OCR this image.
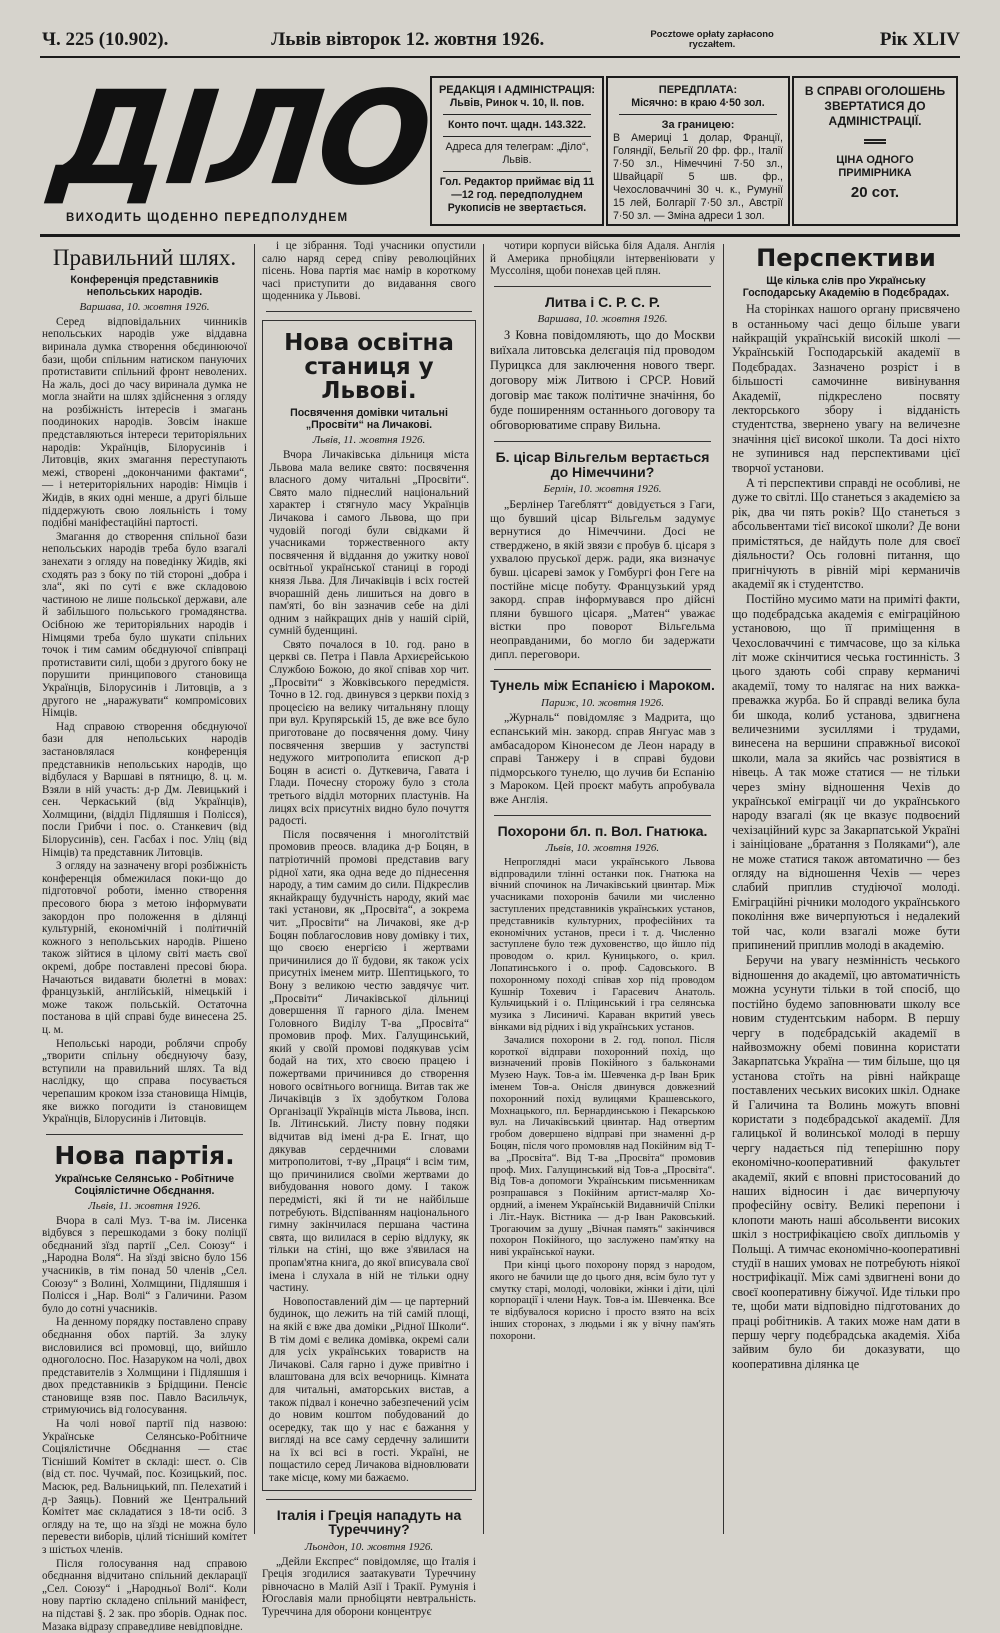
Ч. 225 (10.902).	Львів вівторок 12. жовтня 1926.	Pocztowe opłaty zapłacono ryczałtem.	Рік XLIV
ДІЛО
ВИХОДИТЬ ЩОДЕННО ПЕРЕДПОЛУДНЕМ
РЕДАКЦІЯ І АДМІНІСТРАЦІЯ:
Львів, Ринок ч. 10, II. пов.
Конто почт. щадн. 143.322.
Адреса для телеграм: „Діло“, Львів.
Гол. Редактор приймає від 11—12 год. передполуднем
Рукописів не звертається.
ПЕРЕДПЛАТА:
Місячно: в краю 4·50 зол.
За границею:
В Америці 1 долар, Франції, Голяндії, Бельгії 20 фр. фр., Італії 7·50 зл., Німеччині 7·50 зл., Швайцарії 5 шв. фр., Чехословаччині 30 ч. к., Румунії 15 лей, Болгарії 7·50 зл., Австрії 7·50 зл. — Зміна адреси 1 зол.
В СПРАВІ ОГОЛОШЕНЬ ЗВЕРТАТИСЯ ДО АДМІНІСТРАЦІЇ.
ЦІНА ОДНОГО ПРИМІРНИКА
20 сот.
Правильний шлях.
Конференція представників непольських народів.
Варшава, 10. жовтня 1926.
Серед відповідальних чинників непольських народів уже віддавна виринала думка створення обєдинюючої бази, щоби спільним натиском пануючих протиставити спільний фронт неволених. На жаль, досі до часу виринала думка не могла знайти на шлях здійснення з огляду на розбіжність інтересів і змагань поодиноких народів. Зовсім інакше представляються інтереси територіяльних народів: Українців, Білорусинів і Литовців, яких змагання переступають межі, створені „докончаними фактами“, — і нетериторіяльних народів: Німців і Жидів, в яких одні менше, а другі більше піддержують свою лояльність і тому подібні маніфестаційні партості.
Змагання до створення спільної бази непольських народів треба було взагалі занехати з огляду на поведінку Жидів, які сходять раз з боку по тій стороні „добра і зла“, які по суті є вже складовою частиною не лише польської держави, але й забільшого польського громадянства. Осібною же територіяльних народів і Німцями треба було шукати спільних точок і тим самим обєднуючої співпраці протиставити силі, щоби з другого боку не порушити принципового становища Українців, Білорусинів і Литовців, а з другого не „наражувати“ компромісових Німців.
Над справою створення обєднуючої бази для непольських народів застановлялася конференція представників непольських народів, що відбулася у Варшаві в пятницю, 8. ц. м. Взяли в ній участь: д-р Дм. Левицький і сен. Черкаський (від Українців), Холмщини, (відділ Підляшшя і Полісся), посли Грибчи і пос. о. Станкевич (від Білорусинів), сен. Гасбах і пос. Уліц (від Німців) та представник Литовців.
З огляду на зазначену вгорі розбіжність конференція обмежилася поки-що до підготовчої роботи, іменно створення пресового бюра з метою інформувати закордон про положення в ділянці культурній, економічній і політичній кожного з непольських народів. Рішено також зійтися в цілому світі маєть свої окремі, добре поставлені пресові бюра. Начаються видавати бюлетні в мовах: французькій, англійській, німецькій і може також польській. Остаточна постанова в цій справі буде винесена 25. ц. м.
Непольські народи, роблячи спробу „творити спільну обєднуючу базу, вступили на правильний шлях. Та від наслідку, що справа посувається черепашим кроком ізза становища Німців, яке вижко погодити із становищем Українців, Білорусинів і Литовців.
Нова партія.
Українське Селянсько - Робітниче Соціялістичне Обєднання.
Львів, 11. жовтня 1926.
Вчора в салі Муз. Т-ва ім. Лисенка відбувся з перешкодами з боку поліції обєднаний зїзд партії „Сел. Союзу“ і „Народна Воля“. На зїзді звісно було 156 учасників, в тім понад 50 членів „Сел. Союзу“ з Волині, Холмщини, Підляшшя і Полісся і „Нар. Волі“ з Галичини. Разом було до сотні учасників.
На денному порядку поставлено справу обєднання обох партій. За злуку висловилися всі промовці, що, вийшло одноголосно. Пос. Назаруком на чолі, двох представителів з Холмщини і Підляшшя і двох представників з Брідщини. Пенсіє становище взяв пос. Павло Васильчук, стримуючись від голосування.
На чолі нової партії під назвою: Українське Селянсько-Робітниче Соціялістичне Обєднання — стає Тісніший Комітет в складі: шест. о. Сів (від ст. пос. Чучмай, пос. Козицький, пос. Масюк, ред. Вальницький, пп. Пелехатий і д-р Заяць). Повний же Центральний Комітет має складатися з 18-ти осіб. З огляду на те, що на зїзді не можна було перевести виборів, цілий тісніший комітет з шістьох членів.
Після голосування над справою обєднання відчитано спільний декларації „Сел. Союзу“ і „Народньої Волі“. Коли нову партію складено спільний маніфест, на підставі §. 2 зак. про зборів. Однак пос. Мазака відразу справедливе невідповідне.
і це зібрання. Тоді учасники опустили салю наряд серед співу революційних пісень. Нова партія має намір в короткому часі приступити до видавання свого щоденника у Львові.
Нова освітна станиця у Львові.
Посвячення домівки читальні „Просвіти“ на Личакові.
Львів, 11. жовтня 1926.
Вчора Личаківська дільниця міста Львова мала велике свято: посвячення власного дому читальні „Просвіти“. Свято мало піднеслий національний характер і стягнуло масу Українців Личакова і самого Львова, що при чудовій погоді були свідками й учасниками торжественного акту посвячення й віддання до ужитку нової освітньої української станиці в городі князя Льва. Для Личаківців і всіх гостей вчорашній день лишиться на довго в пам'яті, бо він зазначив себе на ділі одним з найкращих днів у нашій сірій, сумній буденщині.
Свято почалося в 10. год. рано в церкві св. Петра і Павла Архиєрейською Службою Божою, до якої співав хор чит. „Просвіти“ з Жовківського передмістя. Точно в 12. год. двинувся з церкви похід з процесією на велику читальняну площу при вул. Крупярській 15, де вже все було приготоване до посвячення дому. Чину посвячення звершив у заступстві недужого митрополита епископ д-р Боцян в асисті о. Дуткевича, Гавата і Глади. Почесну сторожу було з стола третього відділ моторних пластунів. На лицях всіх присутніх видно було почуття радості.
Після посвячення і многолітствій промовив преосв. владика д-р Боцян, в патріотичній промові представив вагу рідної хати, яка одна веде до піднесення народу, а тим самим до сили. Підкреслив якнайкращу будучність народу, який має такі установи, як „Просвіта“, а зокрема чит. „Просвіти“ на Личакові, яке д-р Боцян поблагословив нову домівку і тих, що своєю енергією і жертвами причинилися до її будови, як також усіх присутніх іменем митр. Шептицького, то Вону з великою честю завдячує чит. „Просвіти“ Личаківської дільниці довершення її гарного діла. Іменем Головного Виділу Т-ва „Просвіта“ промовив проф. Мих. Галущинський, який у своїй промові подякував усім бодай на тих, хто своєю працею і пожертвами причинився до створення нового освітнього вогнища. Витав так же Личаківців з їх здобутком Голова Організації Українців міста Львова, інсп. Ів. Літинський. Листу повну подяки відчитав від імені д-ра Е. Ігнат, що дякував сердечними словами митрополитові, т-ву „Праця“ і всім тим, що причинилися своїми жертвами до вибудовання нового дому. І також передмісті, які й ти не найбільше потребують. Відспіванням національного гимну закінчилася першана частина свята, що вилилася в серію відлуку, як тільки на стіні, що вже з'явилася на пропам'ятна книга, до якої вписувала свої імена і слухала в ній не тільки одну частину.
Новопоставлений дім — це партерний будинок, що лежить на тій самій площі, на якій є вже два доміки „Рідної Школи“. В тім домі є велика домівка, окремі сали для усіх українських товариств на Личакові. Саля гарно і дуже привітно і влаштована для всіх вечорниць. Кімната для читальні, аматорських вистав, а також підвал і конечно забезпечений усім до новим коштом побудований до осередку, так що у нас є бажання у вигляді на все саму сердечну залишити на їх всі всі в гості. Україні, не пощастило серед Личакова відновлювати таке місце, кому ми бажаємо.
Італія і Греція нападуть на Туреччину?
Льондон, 10. жовтня 1926.
„Дейли Експрес“ повідомляє, що Італія і Греція згодилися заатакувати Туреччину рівночасно в Малій Азії і Тракії. Румунія і Югославія мали прнобіцяти невтральність. Туреччина для оборони концентрує
чотири корпуси війська біля Адаля. Англія й Америка прнобіцяли інтервеніювати у Муссоліня, щоби понехав цей плян.
Литва і С. Р. С. Р.
Варшава, 10. жовтня 1926.
З Ковна повідомляють, що до Москви виїхала литовська делєгація під проводом Пурицкса для заключення нового тверг. договору між Литвою і СРСР. Новий договір має також політичне значіння, бо буде поширенням останнього договору та обговорюватиме справу Вильна.
Б. цісар Вільгельм вертається до Німеччини?
Берлін, 10. жовтня 1926.
„Берлінер Тагеблятт“ довідується з Гаги, що бувший цісар Вільгельм задумує вернутися до Німеччини. Досі не стверджено, в якій звязи є пробув б. цісаря з ухвалою пруської держ. ради, яка визначує бувш. цісареві замок у Гомбургі фон Геге на постійне місце побуту. Французький уряд закорд. справ інформувався про дійсні пляни бувшого цісаря. „Матен“ уважає вістки про поворот Вільгельма неоправданими, бо могло би задержати дипл. переговори.
Тунель між Еспанією і Мароком.
Париж, 10. жовтня 1926.
„Журналь“ повідомляє з Мадрита, що еспанський мін. закорд. справ Янгуас мав з амбасадором Кінонесом де Леон нараду в справі Танжеру і в справі будови підморського тунелю, що лучив би Еспанію з Мароком. Цей проєкт мабуть апробувала вже Англія.
Похорони бл. п. Вол. Гнатюка.
Львів, 10. жовтня 1926.
Непроглядні маси українського Львова відпровадили тлінні останки пок. Гнатюка на вічний спочинок на Личаківський цвинтар. Між учасниками похоронів бачили ми численно заступлених представників українських установ, представників культурних, професійних та економічних установ, преси і т. д. Численно заступлене було теж духовенство, що йшло під проводом о. крил. Куницького, о. крил. Лопатинського і о. проф. Садовського. В похоронному поході співав хор під проводом Кушнір Тохевич і Гарасевич Анатоль. Кульчицький і о. Пліцинський і гра селянська музика з Лисиничі. Караван вкритий увесь вінками від рідних і від українських установ.
Зачалися похорони в 2. год. попол. Після короткої відправи похоронний похід, що визначений провів Покійного з бальконами Музею Наук. Тов-а ім. Шевченка д-р Іван Брик іменем Тов-а. Онісля двинувся довжезний похоронний похід вулицями Крашевського, Мохнацького, пл. Бернардинською і Пекарською вул. на Личаківський цвинтар. Над отвертим гробом довершено відправі при знаменні д-р Боцян, після чого промовляв над Покійним від Т-ва „Просвіта“. Від Т-ва „Просвіта“ промовив проф. Мих. Галущинський від Тов-а „Просвіта“. Від Тов-а допомоги Українським письменникам розпрашався з Покійним артист-маляр Хо-ордний, а іменем Українській Видавничій Спілки і Літ.-Наук. Вістника — д-р Іван Раковський. Трогаючим за душу „Вічная память“ закінчився похорон Покійного, що заслужено пам'ятку на ниві української науки.
При кінці цього похорону поряд з народом, якого не бачили ще до цього дня, всім було тут у смутку старі, молоді, чоловіки, жінки і діти, цілі корпорації і члени Наук. Тов-а ім. Шевченка. Все те відбувалося корисно і просто взято на всіх інших сторонах, з людьми і як у вічну пам'ять похорони.
Перспективи
Ще кілька слів про Українську Господарську Академію в Подєбрадах.
На сторінках нашого органу присвячено в останньому часі дещо більше уваги найкращій українській високій школі — Українській Господарській академії в Подєбрадах. Зазначено розріст і в більшості самочинне вивінування Академії, підкреслено посвяту лекторського збору і відданість студентства, звернено увагу на величезне значіння цієї високої школи. Та досі ніхто не зупинився над перспективами цієї творчої установи.
А ті перспективи справді не особливі, не дуже то світлі. Що станеться з академією за рік, два чи пять років? Що станеться з абсольвентами тієї високої школи? Де вони примістяться, де найдуть поле для своєї діяльности? Ось головні питання, що пригнічують в рівній мірі керманичів академії як і студентство.
Постійно мусимо мати на приміті факти, що подєбрадська академія є еміграційною установою, що її приміщення в Чехословаччині є тимчасове, що за кілька літ може скінчитися чеська гостинність. З цього здають собі справу керманичі академії, тому то налягає на них важка-преважка журба. Бо й справді велика була би шкода, колиб установа, здвигнена величезними зусиллями і трудами, винесена на вершини справжньої високої школи, мала за якийсь час розвіятися в нівець. А так може статися — не тільки через зміну відношення Чехів до української еміграції чи до українського народу взагалі (як це вказує подвоєний чехізаційний курс за Закарпатськой Україні і заініціоване „братання з Поляками“), але не може статися також автоматично — без огляду на відношення Чехів — через слабий приплив студіючої молоді. Еміграційні річники молодого українського покоління вже вичерпуються і недалекий той час, коли взагалі може бути припинений приплив молоді в академію.
Беручи на увагу незмінність чеського відношення до академії, цю автоматичність можна усунути тільки в той спосіб, що постійно будемо заповнювати школу все новим студентським наборм. В першу чергу в подєбрадській академії в найвозможну обемі повинна користати Закарпатська Україна — тим більше, що ця установа стоїть на рівні найкраще поставлених чеських високих шкіл. Однаке й Галичина та Волинь можуть вповні користати з подєбрадської академії. Для галицької й волинської молоді в першу чергу надається під теперішню пору економічно-кооперативний факультет академії, який є вповні пристосований до наших відносин і дає вичерпуючу професійну освіту. Великі перепони і клопоти мають наші абсольвенти високих шкіл з нострифікацією своїх дипльомів у Польщі. А тимчас економічно-кооперативні студії в наших умовах не потребують ніякої нострифікації. Між самі здвигнені вони до своєї кооперативну біжучої. Иде тільки про те, щоби мати відповідно підготованих до праці робітників. А таких може нам дати в першу чергу подєбрадська академія. Хіба зайвим було би доказувати, що кооперативна ділянка це
